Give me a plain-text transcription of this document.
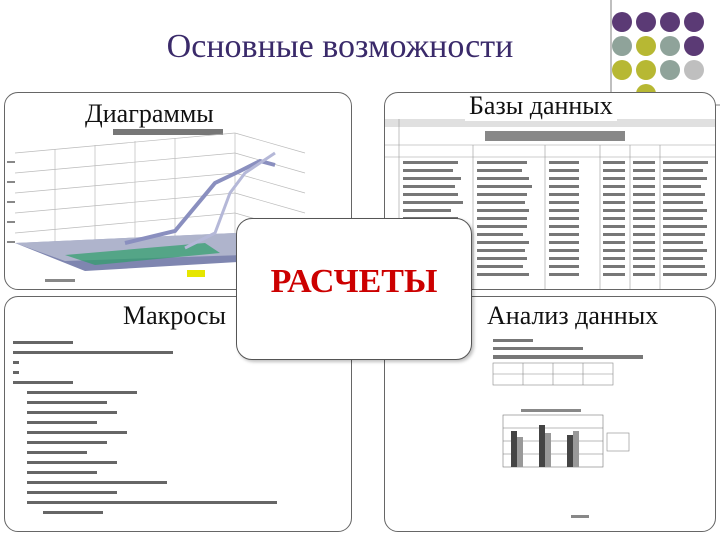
Основные возможности
Диаграммы	Базы данных
Макросы	Анализ данных
РАСЧЕТЫ
